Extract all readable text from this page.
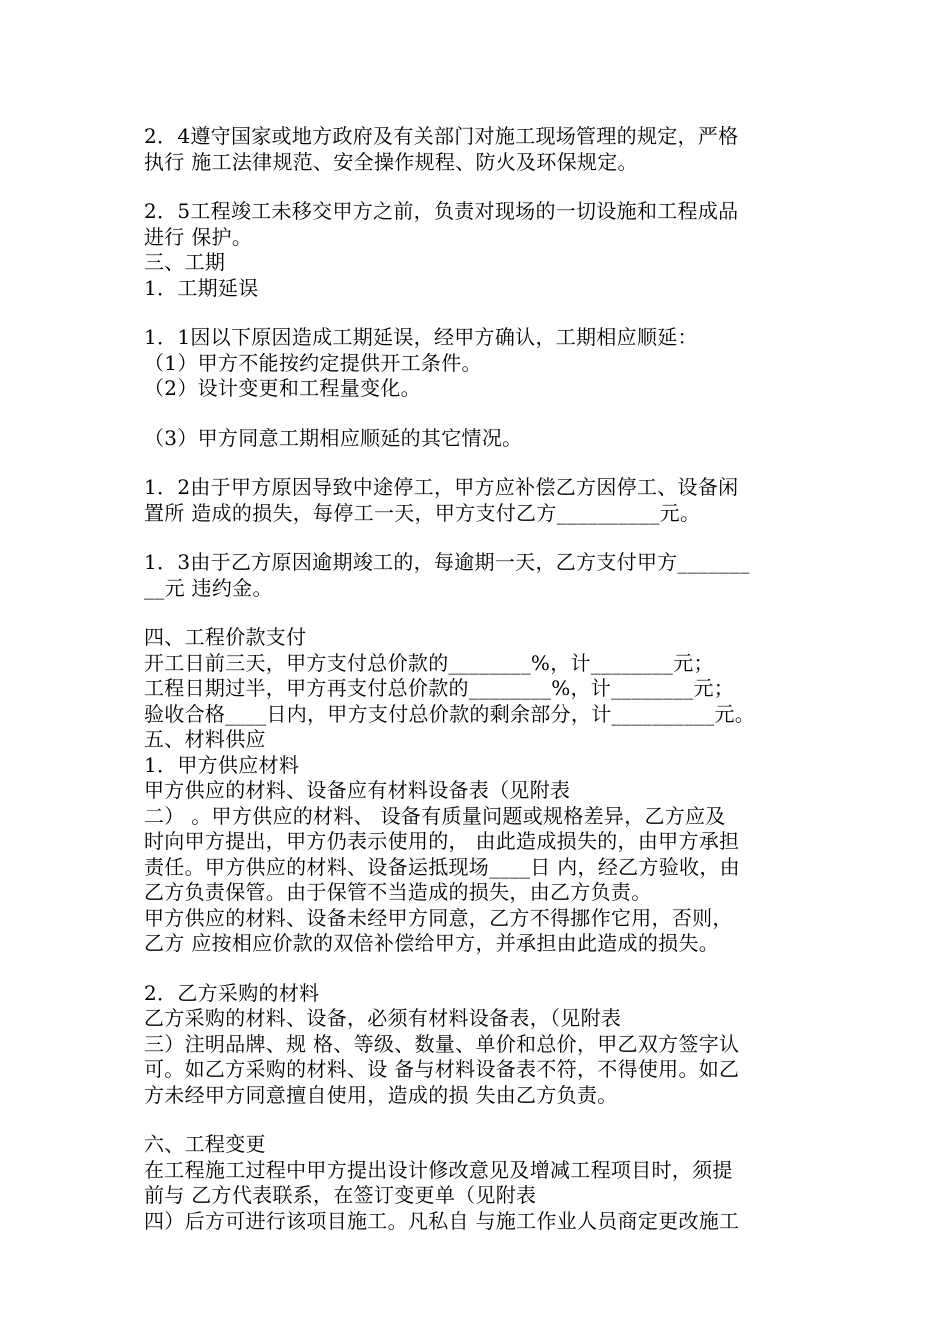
2．4遵守国家或地方政府及有关部门对施工现场管理的规定，严格
执行 施工法律规范、安全操作规程、防火及环保规定。
2．5工程竣工未移交甲方之前，负责对现场的一切设施和工程成品
进行 保护。
三、工期
1．工期延误
1．1因以下原因造成工期延误，经甲方确认，工期相应顺延：
（1）甲方不能按约定提供开工条件。
（2）设计变更和工程量变化。
（3）甲方同意工期相应顺延的其它情况。
1．2由于甲方原因导致中途停工，甲方应补偿乙方因停工、设备闲
置所 造成的损失，每停工一天，甲方支付乙方__________元。
1．3由于乙方原因逾期竣工的，每逾期一天，乙方支付甲方_______
__元 违约金。
四、工程价款支付
开工日前三天，甲方支付总价款的________%，计________元；
工程日期过半，甲方再支付总价款的________%，计________元；
验收合格____日内，甲方支付总价款的剩余部分，计__________元。
五、材料供应
1．甲方供应材料
甲方供应的材料、设备应有材料设备表（见附表
二） 。甲方供应的材料、 设备有质量问题或规格差异，乙方应及
时向甲方提出，甲方仍表示使用的， 由此造成损失的，由甲方承担
责任。甲方供应的材料、设备运抵现场____日 内，经乙方验收，由
乙方负责保管。由于保管不当造成的损失，由乙方负责。
甲方供应的材料、设备未经甲方同意，乙方不得挪作它用，否则，
乙方 应按相应价款的双倍补偿给甲方，并承担由此造成的损失。
2．乙方采购的材料
乙方采购的材料、设备，必须有材料设备表，（见附表
三）注明品牌、规 格、等级、数量、单价和总价，甲乙双方签字认
可。如乙方采购的材料、设 备与材料设备表不符，不得使用。如乙
方未经甲方同意擅自使用，造成的损 失由乙方负责。
六、工程变更
在工程施工过程中甲方提出设计修改意见及增减工程项目时，须提
前与 乙方代表联系，在签订变更单（见附表
四）后方可进行该项目施工。凡私自 与施工作业人员商定更改施工
